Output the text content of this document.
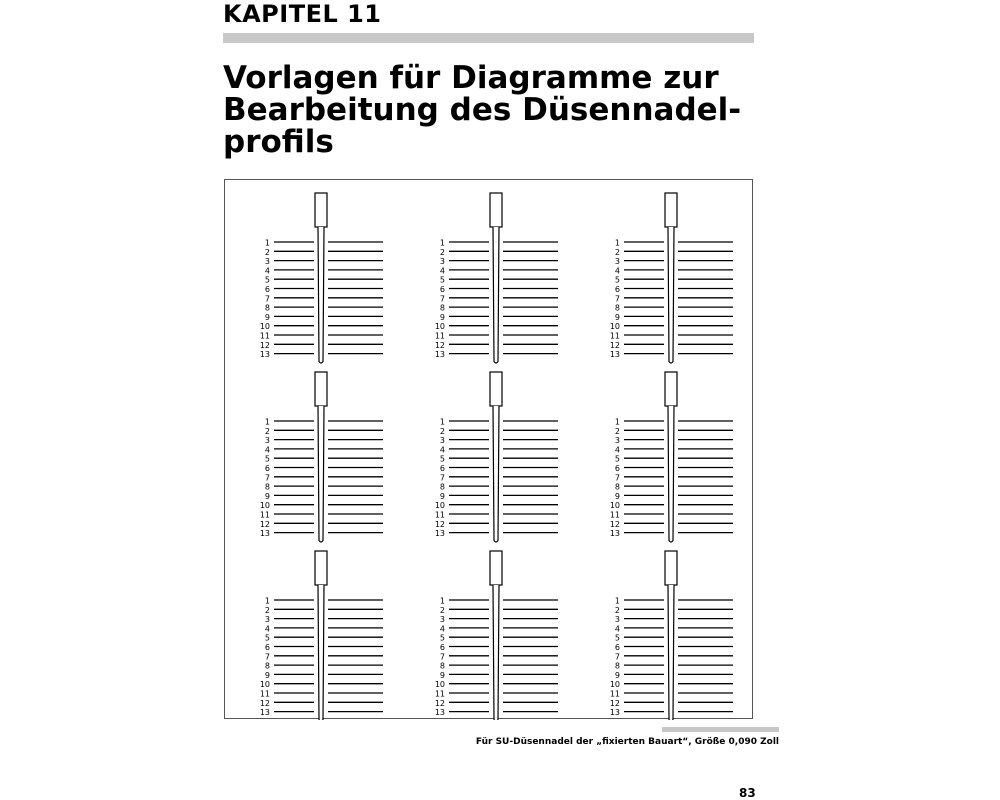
KAPITEL 11
Vorlagen für Diagramme zur
Bearbeitung des Düsennadel-
profils
1
2
3
4
5
6
7
8
9
10
11
12
13
1
2
3
4
5
6
7
8
9
10
11
12
13
1
2
3
4
5
6
7
8
9
10
11
12
13
1
2
3
4
5
6
7
8
9
10
11
12
13
1
2
3
4
5
6
7
8
9
10
11
12
13
1
2
3
4
5
6
7
8
9
10
11
12
13
1
2
3
4
5
6
7
8
9
10
11
12
13
1
2
3
4
5
6
7
8
9
10
11
12
13
1
2
3
4
5
6
7
8
9
10
11
12
13
Für SU-Düsennadel der „fixierten Bauart“, Größe 0,090 Zoll
83
